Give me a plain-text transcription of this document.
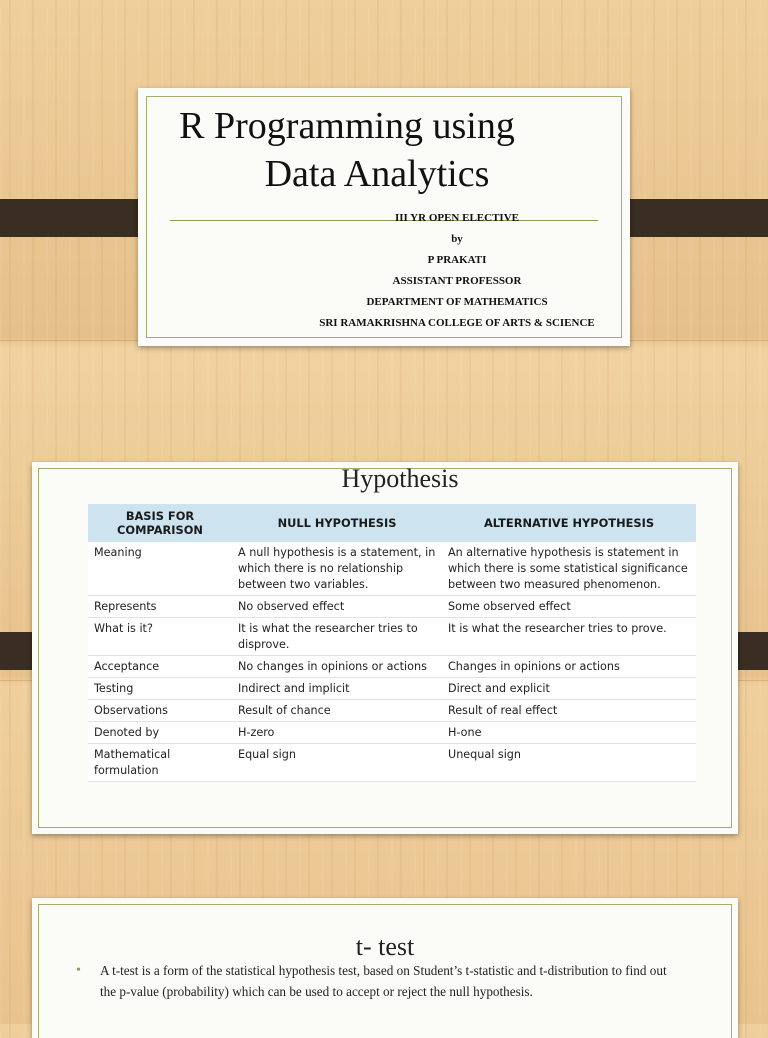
R Programming using
Data Analytics
III YR OPEN ELECTIVE
by
P PRAKATI
ASSISTANT PROFESSOR
DEPARTMENT OF MATHEMATICS
SRI RAMAKRISHNA COLLEGE OF ARTS & SCIENCE
Hypothesis
BASIS FOR COMPARISON	NULL HYPOTHESIS	ALTERNATIVE HYPOTHESIS
Meaning	A null hypothesis is a statement, in which there is no relationship between two variables.	An alternative hypothesis is statement in which there is some statistical significance between two measured phenomenon.
Represents	No observed effect	Some observed effect
What is it?	It is what the researcher tries to disprove.	It is what the researcher tries to prove.
Acceptance	No changes in opinions or actions	Changes in opinions or actions
Testing	Indirect and implicit	Direct and explicit
Observations	Result of chance	Result of real effect
Denoted by	H-zero	H-one
Mathematical formulation	Equal sign	Unequal sign
t- test
•	A t-test is a form of the statistical hypothesis test, based on Student’s t-statistic and t-distribution to find out the p-value (probability) which can be used to accept or reject the null hypothesis.
